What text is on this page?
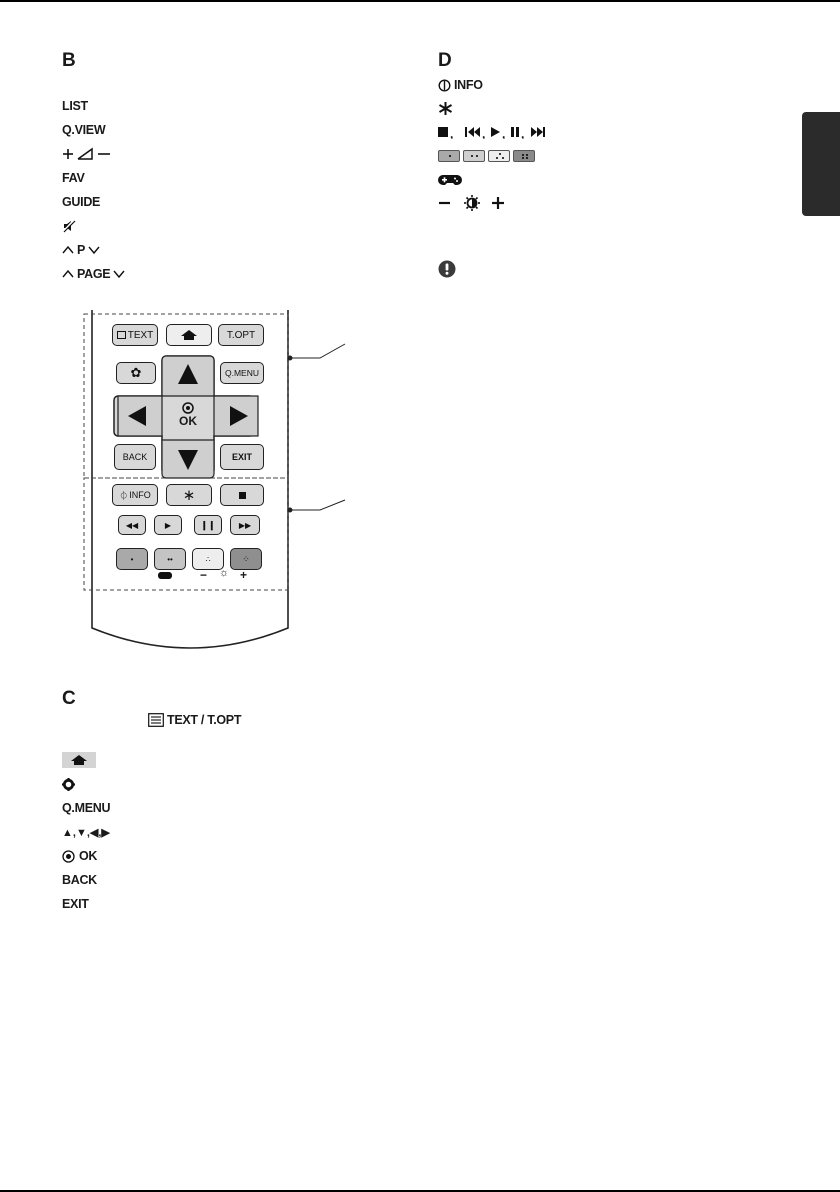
B
LIST
Q.VIEW
FAV
GUIDE
P
PAGE
TEXT	T.OPT
✿	Q.MENU
OK
BACK	EXIT
⏀ INFO ∗
◀◀	▶	❙❙	▶▶
•	••	∴	⁘
− ☼ +
C
TEXT / T.OPT
Q.MENU
▲,▼,◀,▶
OK
BACK
EXIT
D
INFO
, , , ,
